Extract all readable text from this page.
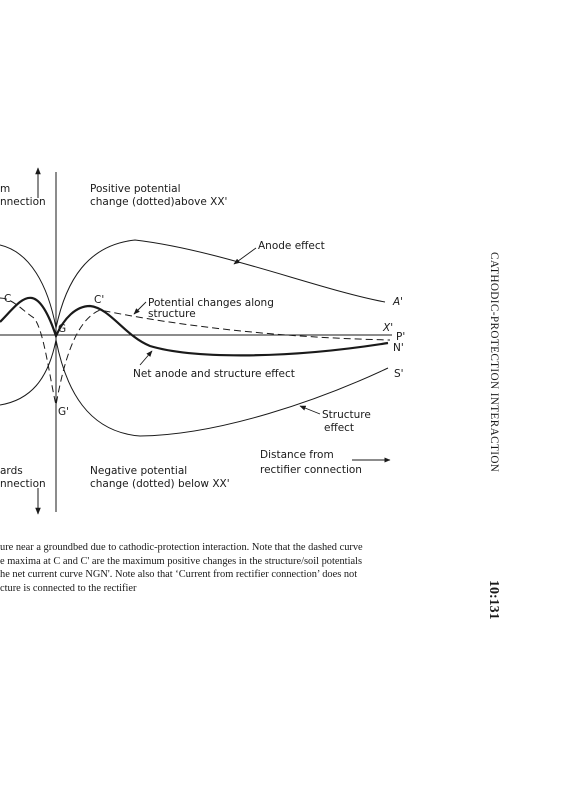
m
nnection
Positive potential
change (dotted)above XX'
Anode effect
Potential changes along
structure
C	C'
G
G'
A'
X'
P'
N'
S'
Net anode and structure effect
Structure
effect
Distance from
rectifier connection
ards
nnection
Negative potential
change (dotted) below XX'
ure near a groundbed due to cathodic-protection interaction. Note that the dashed curve
e maxima at C and C' are the maximum positive changes in the structure/soil potentials
he net current curve NGN'. Note also that ‘Current from rectifier connection’ does not
cture is connected to the rectifier
CATHODIC-PROTECTION INTERACTION
10:131
